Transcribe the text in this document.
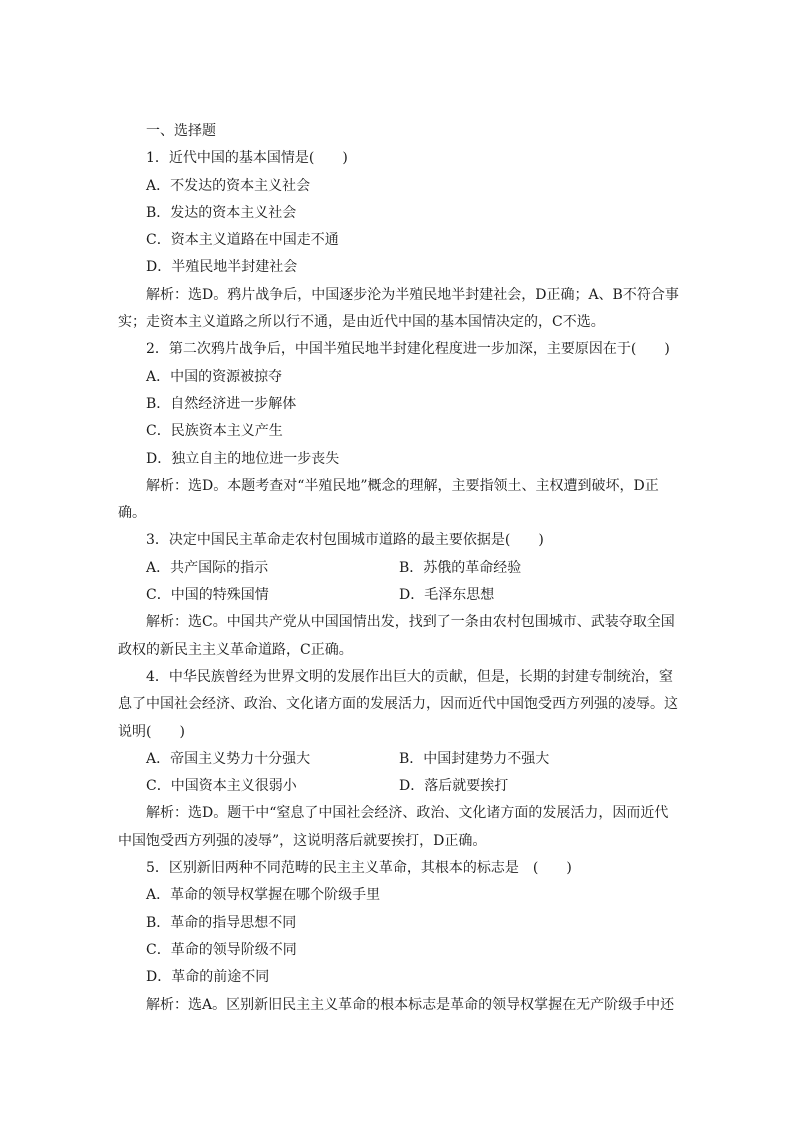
一、选择题
1．近代中国的基本国情是(　　)
A．不发达的资本主义社会
B．发达的资本主义社会
C．资本主义道路在中国走不通
D．半殖民地半封建社会
解析：选D。鸦片战争后，中国逐步沦为半殖民地半封建社会，D正确；A、B不符合事
实；走资本主义道路之所以行不通，是由近代中国的基本国情决定的，C不选。
2．第二次鸦片战争后，中国半殖民地半封建化程度进一步加深，主要原因在于(　　)
A．中国的资源被掠夺
B．自然经济进一步解体
C．民族资本主义产生
D．独立自主的地位进一步丧失
解析：选D。本题考查对“半殖民地”概念的理解，主要指领土、主权遭到破坏，D正
确。
3．决定中国民主革命走农村包围城市道路的最主要依据是(　　)
A．共产国际的指示	B．苏俄的革命经验
C．中国的特殊国情	D．毛泽东思想
解析：选C。中国共产党从中国国情出发，找到了一条由农村包围城市、武装夺取全国
政权的新民主主义革命道路，C正确。
4．中华民族曾经为世界文明的发展作出巨大的贡献，但是，长期的封建专制统治，窒
息了中国社会经济、政治、文化诸方面的发展活力，因而近代中国饱受西方列强的凌辱。这
说明(　　)
A．帝国主义势力十分强大	B．中国封建势力不强大
C．中国资本主义很弱小	D．落后就要挨打
解析：选D。题干中“窒息了中国社会经济、政治、文化诸方面的发展活力，因而近代
中国饱受西方列强的凌辱”，这说明落后就要挨打，D正确。
5．区别新旧两种不同范畴的民主主义革命，其根本的标志是　(　　)
A．革命的领导权掌握在哪个阶级手里
B．革命的指导思想不同
C．革命的领导阶级不同
D．革命的前途不同
解析：选A。区别新旧民主主义革命的根本标志是革命的领导权掌握在无产阶级手中还
